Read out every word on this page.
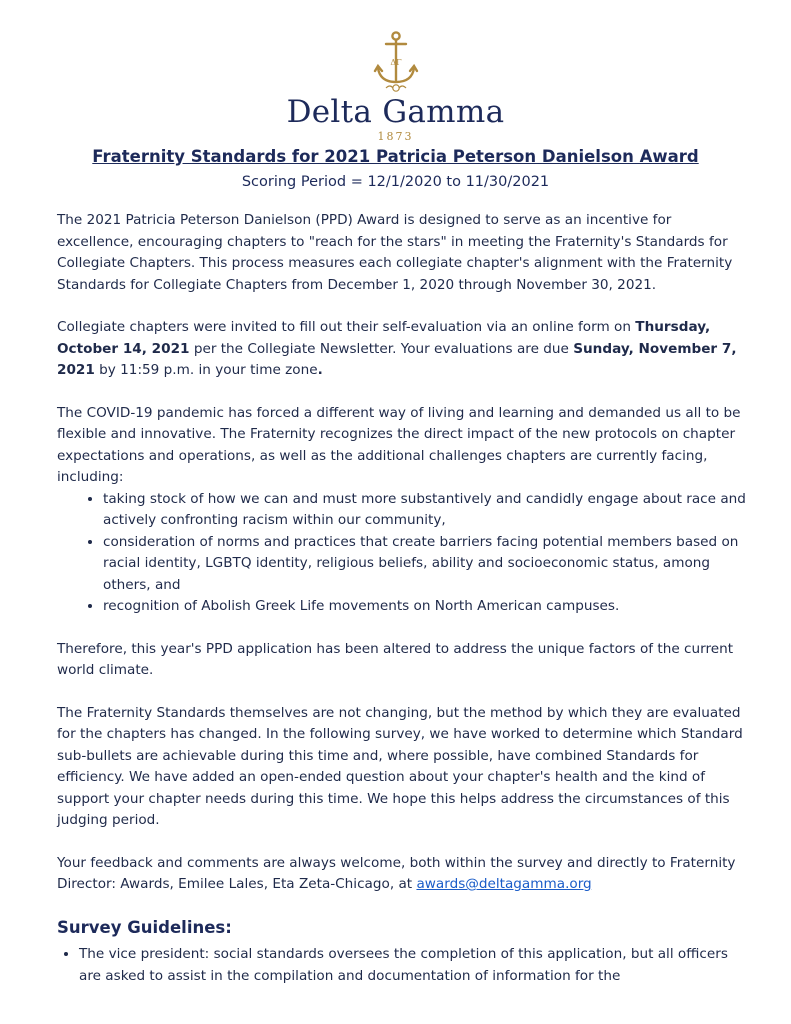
ΔΓ
Delta Gamma
1873
Fraternity Standards for 2021 Patricia Peterson Danielson Award
Scoring Period = 12/1/2020 to 11/30/2021

The 2021 Patricia Peterson Danielson (PPD) Award is designed to serve as an incentive for excellence, encouraging chapters to "reach for the stars" in meeting the Fraternity's Standards for Collegiate Chapters. This process measures each collegiate chapter's alignment with the Fraternity Standards for Collegiate Chapters from December 1, 2020 through November 30, 2021.

Collegiate chapters were invited to fill out their self-evaluation via an online form on Thursday, October 14, 2021 per the Collegiate Newsletter. Your evaluations are due Sunday, November 7, 2021 by 11:59 p.m. in your time zone.

The COVID-19 pandemic has forced a different way of living and learning and demanded us all to be flexible and innovative. The Fraternity recognizes the direct impact of the new protocols on chapter expectations and operations, as well as the additional challenges chapters are currently facing, including:

• taking stock of how we can and must more substantively and candidly engage about race and actively confronting racism within our community,
• consideration of norms and practices that create barriers facing potential members based on racial identity, LGBTQ identity, religious beliefs, ability and socioeconomic status, among others, and
• recognition of Abolish Greek Life movements on North American campuses.

Therefore, this year's PPD application has been altered to address the unique factors of the current world climate.

The Fraternity Standards themselves are not changing, but the method by which they are evaluated for the chapters has changed. In the following survey, we have worked to determine which Standard sub-bullets are achievable during this time and, where possible, have combined Standards for efficiency. We have added an open-ended question about your chapter's health and the kind of support your chapter needs during this time. We hope this helps address the circumstances of this judging period.

Your feedback and comments are always welcome, both within the survey and directly to Fraternity Director: Awards, Emilee Lales, Eta Zeta-Chicago, at awards@deltagamma.org

Survey Guidelines:
• The vice president: social standards oversees the completion of this application, but all officers are asked to assist in the compilation and documentation of information for the
